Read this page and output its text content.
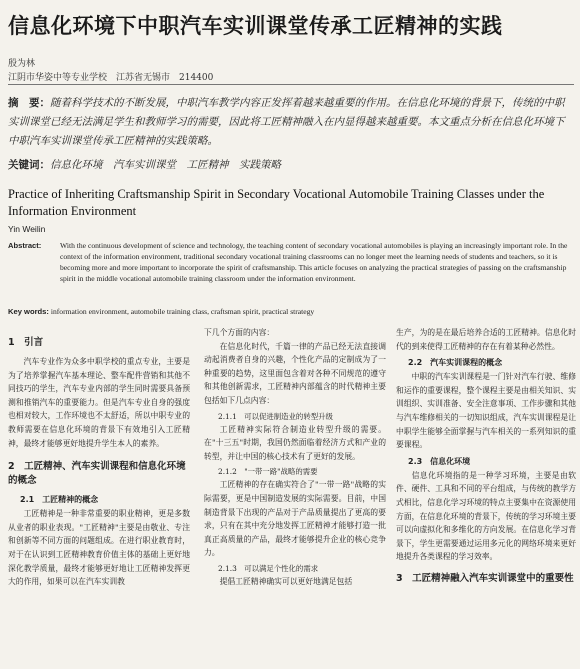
信息化环境下中职汽车实训课堂传承工匠精神的实践
殷为林
江阴市华姿中等专业学校　江苏省无锡市　214400
摘　要：随着科学技术的不断发展，中职汽车教学内容正发挥着越来越重要的作用。在信息化环境的背景下，传统的中职实训课堂已经无法满足学生和教师学习的需要，因此将工匠精神融入在内显得越来越重要。本文重点分析在信息化环境下中职汽车实训课堂传承工匠精神的实践策略。
关键词：信息化环境　汽车实训课堂　工匠精神　实践策略
Practice of Inheriting Craftsmanship Spirit in Secondary Vocational Automobile Training Classes under the Information Environment
Yin Weilin
Abstract:	With the continuous development of science and technology, the teaching content of secondary vocational automobiles is playing an increasingly important role. In the context of the information environment, traditional secondary vocational training classrooms can no longer meet the learning needs of students and teachers, so it is becoming more and more important to incorporate the spirit of craftsmanship. This article focuses on analyzing the practical strategies of passing on the craftsmanship spirit in the middle vocational automobile training classroom under the information environment.
Key words: information environment, automobile training class, craftsman spirit, practical strategy
1　引言

汽车专业作为众多中职学校的重点专业，主要是为了培养掌握汽车基本理论、整车配件营销和其他不同技巧的学生，汽车专业内部的学生同时需要具备预测和推销汽车的重要能力。但是汽车专业自身的强度也相对较大，工作环境也不太舒适，所以中职专业的教师需要在信息化环境的背景下有效地引入工匠精神，最终才能够更好地提升学生本人的素养。

2　工匠精神、汽车实训课程和信息化环境的概念
2.1　工匠精神的概念

工匠精神是一种非常重要的职业精神，更是多数从业者的职业表现。"工匠精神"主要是由敬业、专注和创新等不同方面的问题组成。在进行职业教育时，对于在认识到工匠精神教育价值主体的基础上更好地深化教学质量，最终才能够更好地让工匠精神发挥更大的作用，如果可以在汽车实训教

下几个方面的内容：

在信息化时代，千篇一律的产品已经无法直接调动起消费者自身的兴趣，个性化产品的定制成为了一种重要的趋势，这里面包含着对各种不同规范的遵守和其他创新需求，工匠精神内部蕴含的时代精神主要包括如下几点内容：

2.1.1　可以促进制造业的转型升级

工匠精神实际符合制造业转型升级的需要。在"十三五"时期，我国仍然面临着经济方式和产业的转型，并让中国的核心技术有了更好的发展。

2.1.2　"一带一路"战略的需要

工匠精神的存在确实符合了"一带一路"战略的实际需要，更是中国制造发展的实际需要。目前，中国制造背景下出现的产品对于产品质量提出了更高的要求，只有在其中充分地发挥工匠精神才能够打造一批真正高质量的产品，最终才能够提升企业的核心竞争力。

2.1.3　可以满足个性化的需求

提倡工匠精神确实可以更好地满足包括

生产，为的是在最后培养合适的工匠精神。信息化时代的到来使得工匠精神的存在有着某种必然性。

2.2　汽车实训课程的概念

中职的汽车实训课程是一门针对汽车行驶、维修和运作的重要课程，整个课程主要是由相关知识、实训组织、实训准备、安全注意事项、工作步骤和其他与汽车维修相关的一切知识组成，汽车实训课程是让中职学生能够全面掌握与汽车相关的一系列知识的重要课程。

2.3　信息化环境

信息化环境指的是一种学习环境，主要是由软件、硬件、工具和不同的平台组成，与传统的教学方式相比，信息化学习环境的特点主要集中在资源使用方面，在信息化环境的背景下，传统的学习环境主要可以向虚拟化和多维化的方向发展。在信息化学习背景下，学生更需要通过运用多元化的网络环境来更好地提升各类课程的学习效率。

3　工匠精神融入汽车实训课堂中的重要性
